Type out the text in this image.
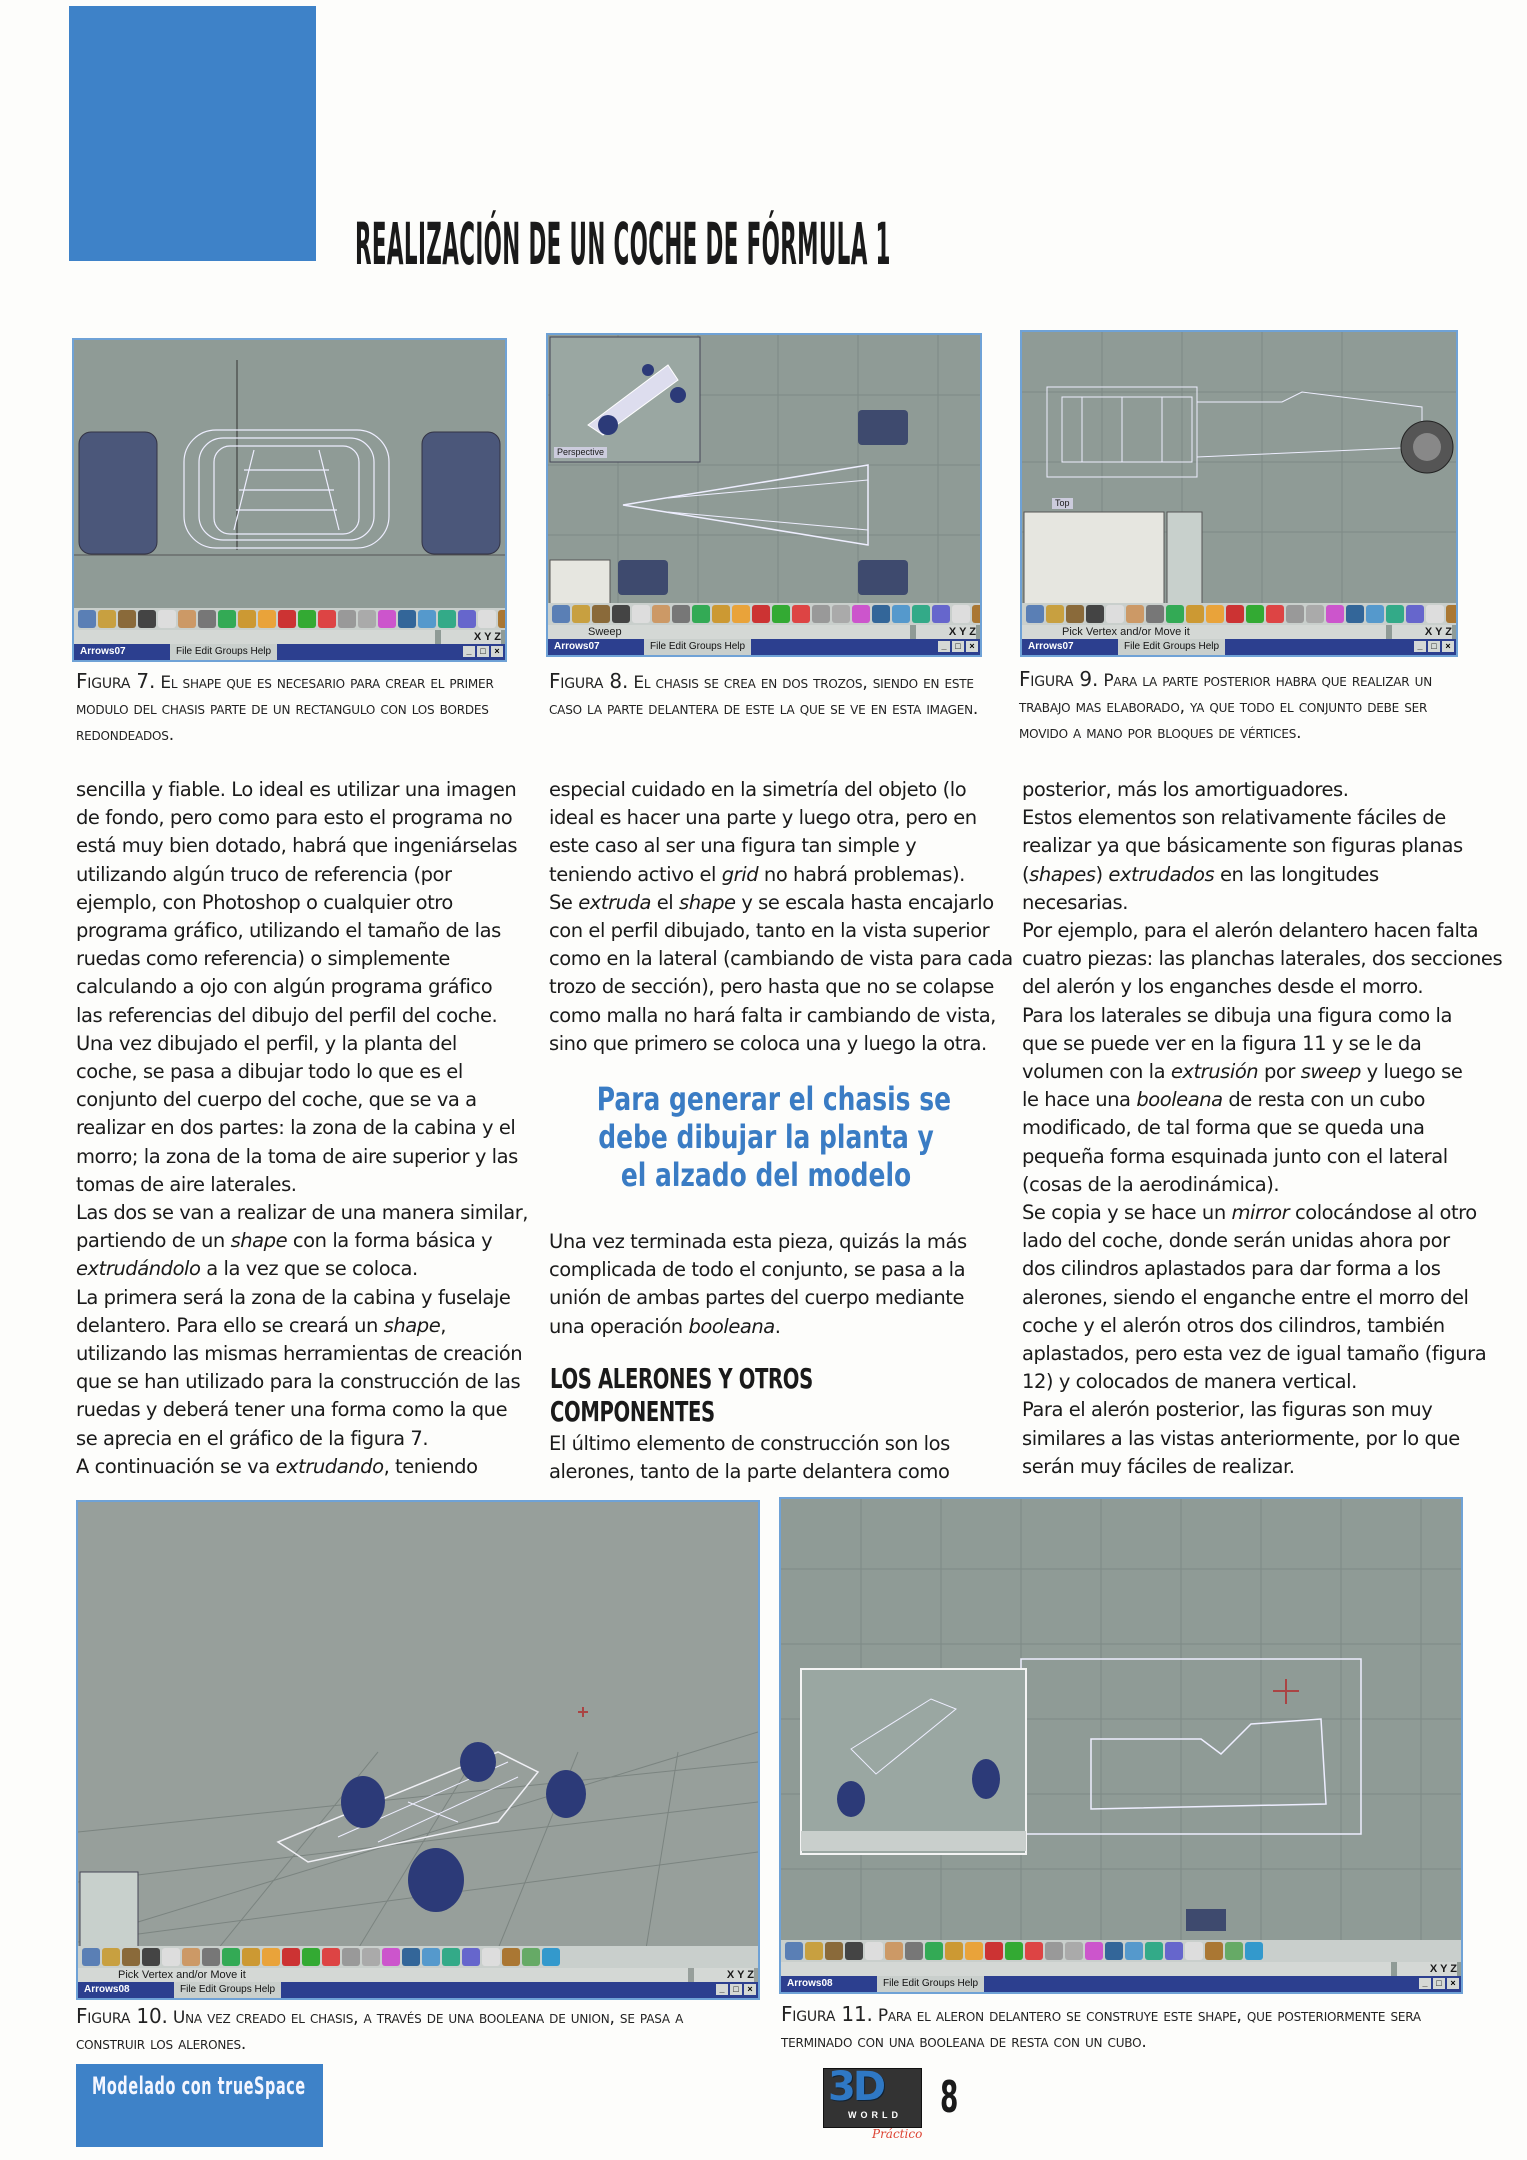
REALIZACIÓN DE UN COCHE DE FÓRMULA 1
X Y Z
Arrows07	File Edit Groups Help	_ □ ×
Perspective
Sweep	X Y Z
Arrows07	File Edit Groups Help	_ □ ×
Top
Pick Vertex and/or Move it	X Y Z
Arrows07	File Edit Groups Help	_ □ ×
Pick Vertex and/or Move it	X Y Z
Arrows08	File Edit Groups Help	_ □ ×
X Y Z
Arrows08	File Edit Groups Help	_ □ ×
Figura 7. El shape que es necesario para crear el primer modulo del chasis parte de un rectangulo con los bordes redondeados.
Figura 8. El chasis se crea en dos trozos, siendo en este caso la parte delantera de este la que se ve en esta imagen.
Figura 9. Para la parte posterior habra que realizar un trabajo mas elaborado, ya que todo el conjunto debe ser movido a mano por bloques de vértices.
Figura 10. Una vez creado el chasis, a través de una booleana de union, se pasa a construir los alerones.
Figura 11. Para el aleron delantero se construye este shape, que posteriormente sera terminado con una booleana de resta con un cubo.
sencilla y fiable. Lo ideal es utilizar una imagen
de fondo, pero como para esto el programa no
está muy bien dotado, habrá que ingeniárselas
utilizando algún truco de referencia (por
ejemplo, con Photoshop o cualquier otro
programa gráfico, utilizando el tamaño de las
ruedas como referencia) o simplemente
calculando a ojo con algún programa gráfico
las referencias del dibujo del perfil del coche.
Una vez dibujado el perfil, y la planta del
coche, se pasa a dibujar todo lo que es el
conjunto del cuerpo del coche, que se va a
realizar en dos partes: la zona de la cabina y el
morro; la zona de la toma de aire superior y las
tomas de aire laterales.
Las dos se van a realizar de una manera similar,
partiendo de un shape con la forma básica y
extrudándolo a la vez que se coloca.
La primera será la zona de la cabina y fuselaje
delantero. Para ello se creará un shape,
utilizando las mismas herramientas de creación
que se han utilizado para la construcción de las
ruedas y deberá tener una forma como la que
se aprecia en el gráfico de la figura 7.
A continuación se va extrudando, teniendo
especial cuidado en la simetría del objeto (lo
ideal es hacer una parte y luego otra, pero en
este caso al ser una figura tan simple y
teniendo activo el grid no habrá problemas).
Se extruda el shape y se escala hasta encajarlo
con el perfil dibujado, tanto en la vista superior
como en la lateral (cambiando de vista para cada
trozo de sección), pero hasta que no se colapse
como malla no hará falta ir cambiando de vista,
sino que primero se coloca una y luego la otra.
Para generar el chasis se
debe dibujar la planta y
el alzado del modelo
Una vez terminada esta pieza, quizás la más
complicada de todo el conjunto, se pasa a la
unión de ambas partes del cuerpo mediante
una operación booleana.
LOS ALERONES Y OTROS
COMPONENTES
El último elemento de construcción son los
alerones, tanto de la parte delantera como
posterior, más los amortiguadores.
Estos elementos son relativamente fáciles de
realizar ya que básicamente son figuras planas
(shapes) extrudados en las longitudes
necesarias.
Por ejemplo, para el alerón delantero hacen falta
cuatro piezas: las planchas laterales, dos secciones
del alerón y los enganches desde el morro.
Para los laterales se dibuja una figura como la
que se puede ver en la figura 11 y se le da
volumen con la extrusión por sweep y luego se
le hace una booleana de resta con un cubo
modificado, de tal forma que se queda una
pequeña forma esquinada junto con el lateral
(cosas de la aerodinámica).
Se copia y se hace un mirror colocándose al otro
lado del coche, donde serán unidas ahora por
dos cilindros aplastados para dar forma a los
alerones, siendo el enganche entre el morro del
coche y el alerón otros dos cilindros, también
aplastados, pero esta vez de igual tamaño (figura
12) y colocados de manera vertical.
Para el alerón posterior, las figuras son muy
similares a las vistas anteriormente, por lo que
serán muy fáciles de realizar.
Modelado con trueSpace	3D
WORLD
Práctico
8
